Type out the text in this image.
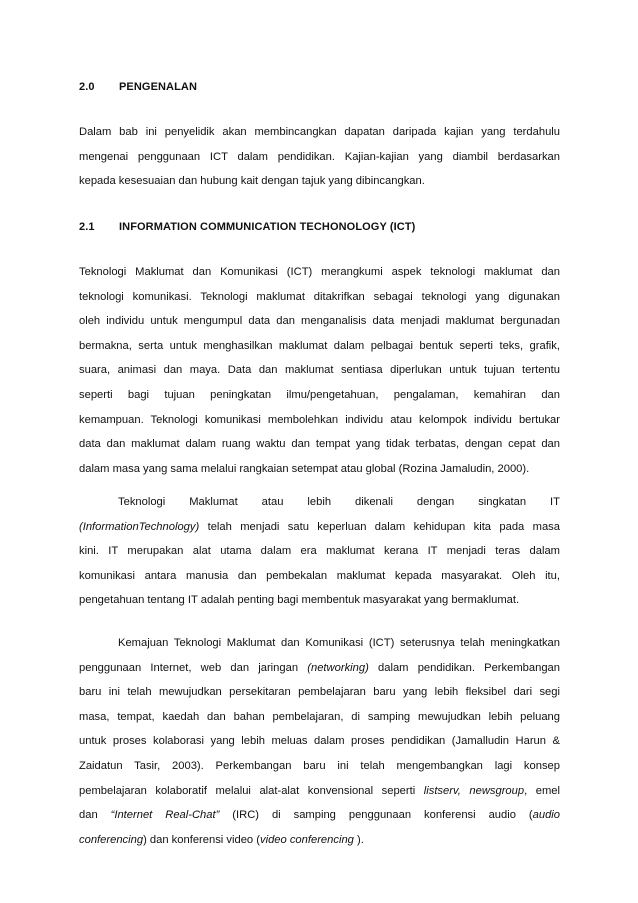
2.0 PENGENALAN
Dalam bab ini penyelidik akan membincangkan dapatan daripada kajian yang terdahulu
mengenai penggunaan ICT dalam pendidikan. Kajian-kajian yang diambil berdasarkan
kepada kesesuaian dan hubung kait dengan tajuk yang dibincangkan.
2.1 INFORMATION COMMUNICATION TECHONOLOGY (ICT)
Teknologi Maklumat dan Komunikasi (ICT) merangkumi aspek teknologi maklumat dan
teknologi komunikasi. Teknologi maklumat ditakrifkan sebagai teknologi yang digunakan
oleh individu untuk mengumpul data dan menganalisis data menjadi maklumat bergunadan
bermakna, serta untuk menghasilkan maklumat dalam pelbagai bentuk seperti teks, grafik,
suara, animasi dan maya. Data dan maklumat sentiasa diperlukan untuk tujuan tertentu
seperti bagi tujuan peningkatan ilmu/pengetahuan, pengalaman, kemahiran dan
kemampuan. Teknologi komunikasi membolehkan individu atau kelompok individu bertukar
data dan maklumat dalam ruang waktu dan tempat yang tidak terbatas, dengan cepat dan
dalam masa yang sama melalui rangkaian setempat atau global (Rozina Jamaludin, 2000).
Teknologi Maklumat atau lebih dikenali dengan singkatan IT
(InformationTechnology) telah menjadi satu keperluan dalam kehidupan kita pada masa
kini. IT merupakan alat utama dalam era maklumat kerana IT menjadi teras dalam
komunikasi antara manusia dan pembekalan maklumat kepada masyarakat. Oleh itu,
pengetahuan tentang IT adalah penting bagi membentuk masyarakat yang bermaklumat.
Kemajuan Teknologi Maklumat dan Komunikasi (ICT) seterusnya telah meningkatkan
penggunaan Internet, web dan jaringan (networking) dalam pendidikan. Perkembangan
baru ini telah mewujudkan persekitaran pembelajaran baru yang lebih fleksibel dari segi
masa, tempat, kaedah dan bahan pembelajaran, di samping mewujudkan lebih peluang
untuk proses kolaborasi yang lebih meluas dalam proses pendidikan (Jamalludin Harun &
Zaidatun Tasir, 2003). Perkembangan baru ini telah mengembangkan lagi konsep
pembelajaran kolaboratif melalui alat-alat konvensional seperti listserv, newsgroup, emel
dan “Internet Real-Chat” (IRC) di samping penggunaan konferensi audio (audio
conferencing) dan konferensi video (video conferencing ).
